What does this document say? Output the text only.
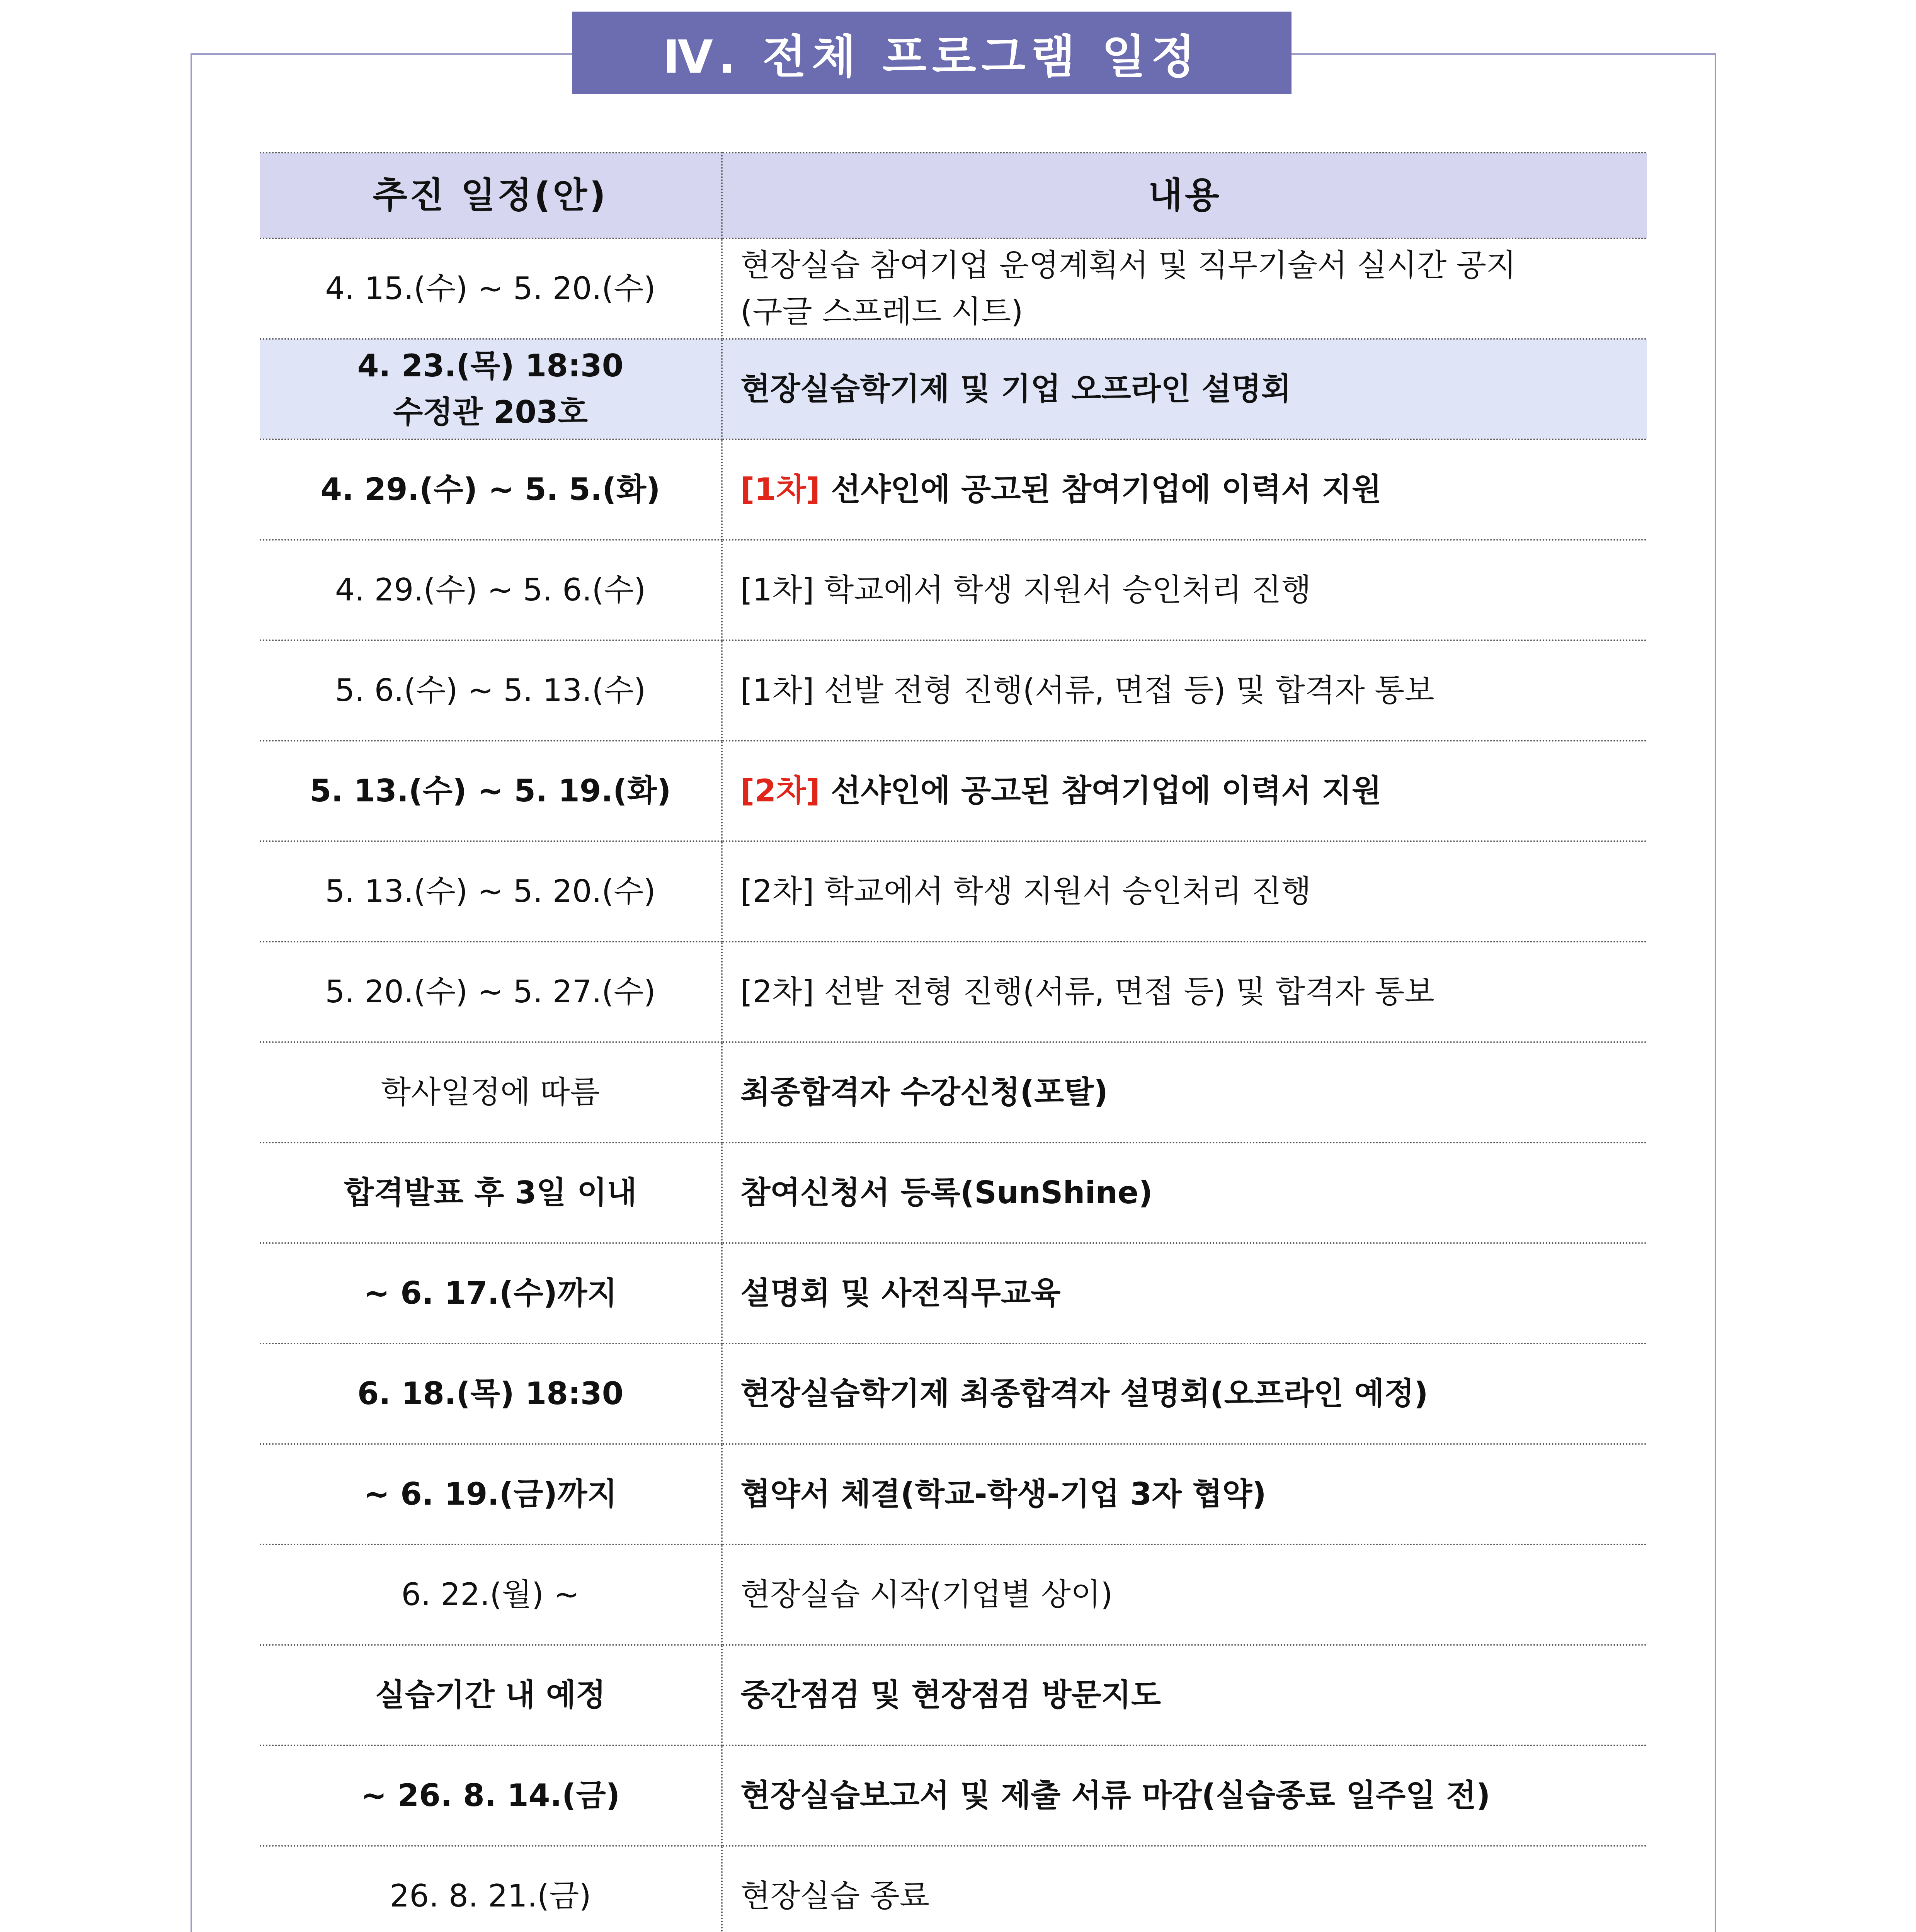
Ⅳ. 전체 프로그램 일정
추진 일정(안)	내용

4. 15.(수) ~ 5. 20.(수)	현장실습 참여기업 운영계획서 및 직무기술서 실시간 공지
(구글 스프레드 시트)

4. 23.(목) 18:30
수정관 203호	현장실습학기제 및 기업 오프라인 설명회

4. 29.(수) ~ 5. 5.(화)	[1차] 선샤인에 공고된 참여기업에 이력서 지원

4. 29.(수) ~ 5. 6.(수)	[1차] 학교에서 학생 지원서 승인처리 진행

5. 6.(수) ~ 5. 13.(수)	[1차] 선발 전형 진행(서류, 면접 등) 및 합격자 통보

5. 13.(수) ~ 5. 19.(화)	[2차] 선샤인에 공고된 참여기업에 이력서 지원

5. 13.(수) ~ 5. 20.(수)	[2차] 학교에서 학생 지원서 승인처리 진행

5. 20.(수) ~ 5. 27.(수)	[2차] 선발 전형 진행(서류, 면접 등) 및 합격자 통보

학사일정에 따름	최종합격자 수강신청(포탈)

합격발표 후 3일 이내	참여신청서 등록(SunShine)

~ 6. 17.(수)까지	설명회 및 사전직무교육

6. 18.(목) 18:30	현장실습학기제 최종합격자 설명회(오프라인 예정)

~ 6. 19.(금)까지	협약서 체결(학교-학생-기업 3자 협약)

6. 22.(월) ~	현장실습 시작(기업별 상이)

실습기간 내 예정	중간점검 및 현장점검 방문지도

~ 26. 8. 14.(금)	현장실습보고서 및 제출 서류 마감(실습종료 일주일 전)

26. 8. 21.(금)	현장실습 종료
